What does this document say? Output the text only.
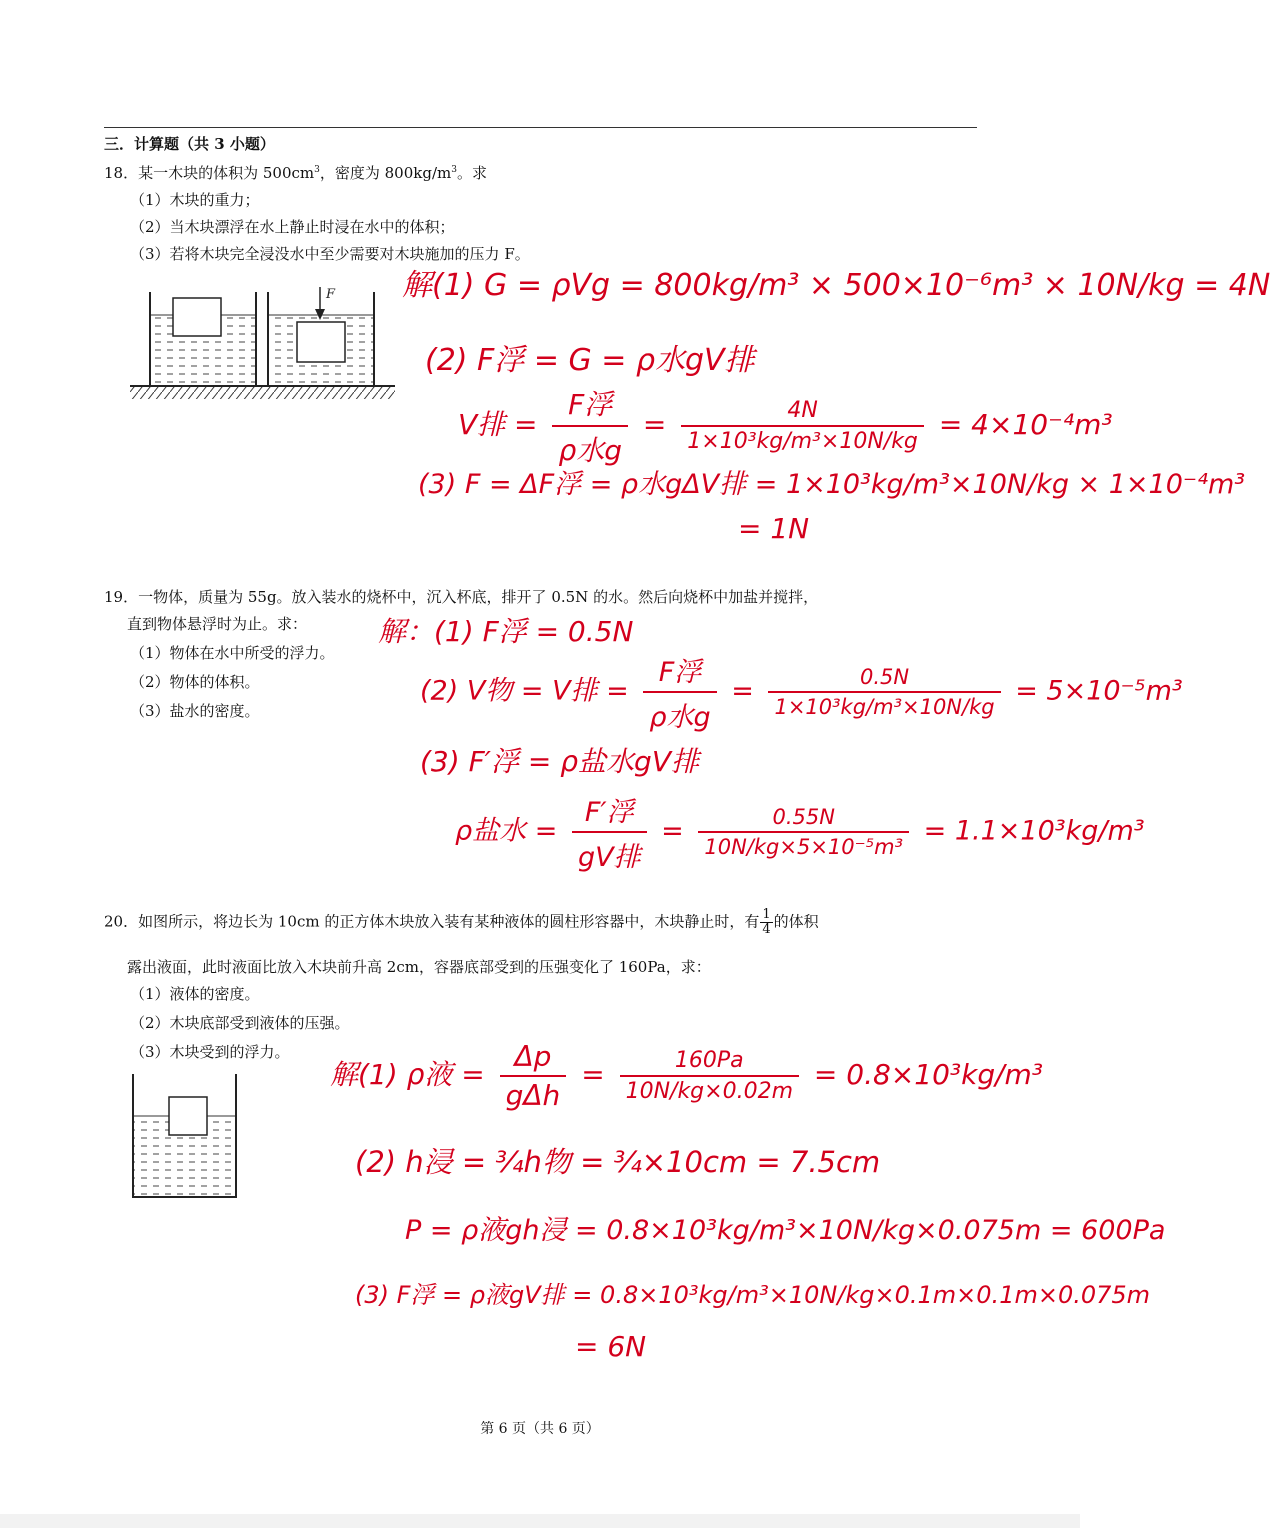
三．计算题（共 3 小题）
18．某一木块的体积为 $500cm^3$，密度为 $800kg/m^3$。求
（1）木块的重力；
（2）当木块漂浮在水上静止时浸在水中的体积；
（3）若将木块完全浸没水中至少需要对木块施加的压力 F。
F 解(1) G = ρVg = 800kg/m³ × 500×10⁻⁶m³ × 10N/kg = 4N
(2) F浮 = G = ρ水gV排
V排 = $\frac{\text{F浮}}{\text{ρ水g}} = \frac{4N}{\text{1×10³kg/m³×10N/kg}} = 4\times 10^{-4}m^3$
(3) F = ΔF浮 = ρ水gΔV排 = 1×10³kg/m³×10N/kg × 1×10⁻⁴m³
= 1N
19．一物体，质量为 55g。放入装水的烧杯中，沉入杯底，排开了 0.5N 的水。然后向烧杯中加盐并搅拌，
直到物体悬浮时为止。求：
（1）物体在水中所受的浮力。
（2）物体的体积。
（3）盐水的密度。
解：(1) F浮 = 0.5N
(2) V物 = V排 = $\frac{\text{F浮}}{\text{ρ水g}} = \frac{0.5N}{\text{1×10³kg/m³×10N/kg}} = 5\times 10^{-5}m^3$
(3) F′浮 = ρ盐水gV排
ρ盐水 = $\frac{\text{F′浮}}{\text{gV排}} = \frac{0.55N}{\text{10N/kg×5×10⁻⁵m³}} = 1.1\times 10^3kg/m^3$
20．如图所示，将边长为 10cm 的正方体木块放入装有某种液体的圆柱形容器中，木块静止时，有 $\frac{1}{4}$ 的体积
露出液面，此时液面比放入木块前升高 2cm，容器底部受到的压强变化了 160Pa，求：
（1）液体的密度。
（2）木块底部受到液体的压强。
（3）木块受到的浮力。
解(1) ρ液 = $\frac{\Delta p}{\text{gΔh}} = \frac{160Pa}{10N/kg\times 0.02m} = 0.8\times 10^3kg/m^3$
(2) h浸 = ¾h物 = ¾×10cm = 7.5cm
P = ρ液gh浸 = 0.8×10³kg/m³×10N/kg×0.075m = 600Pa
(3) F浮 = ρ液gV排 = 0.8×10³kg/m³×10N/kg×0.1m×0.1m×0.075m
= 6N
第 6 页（共 6 页）
